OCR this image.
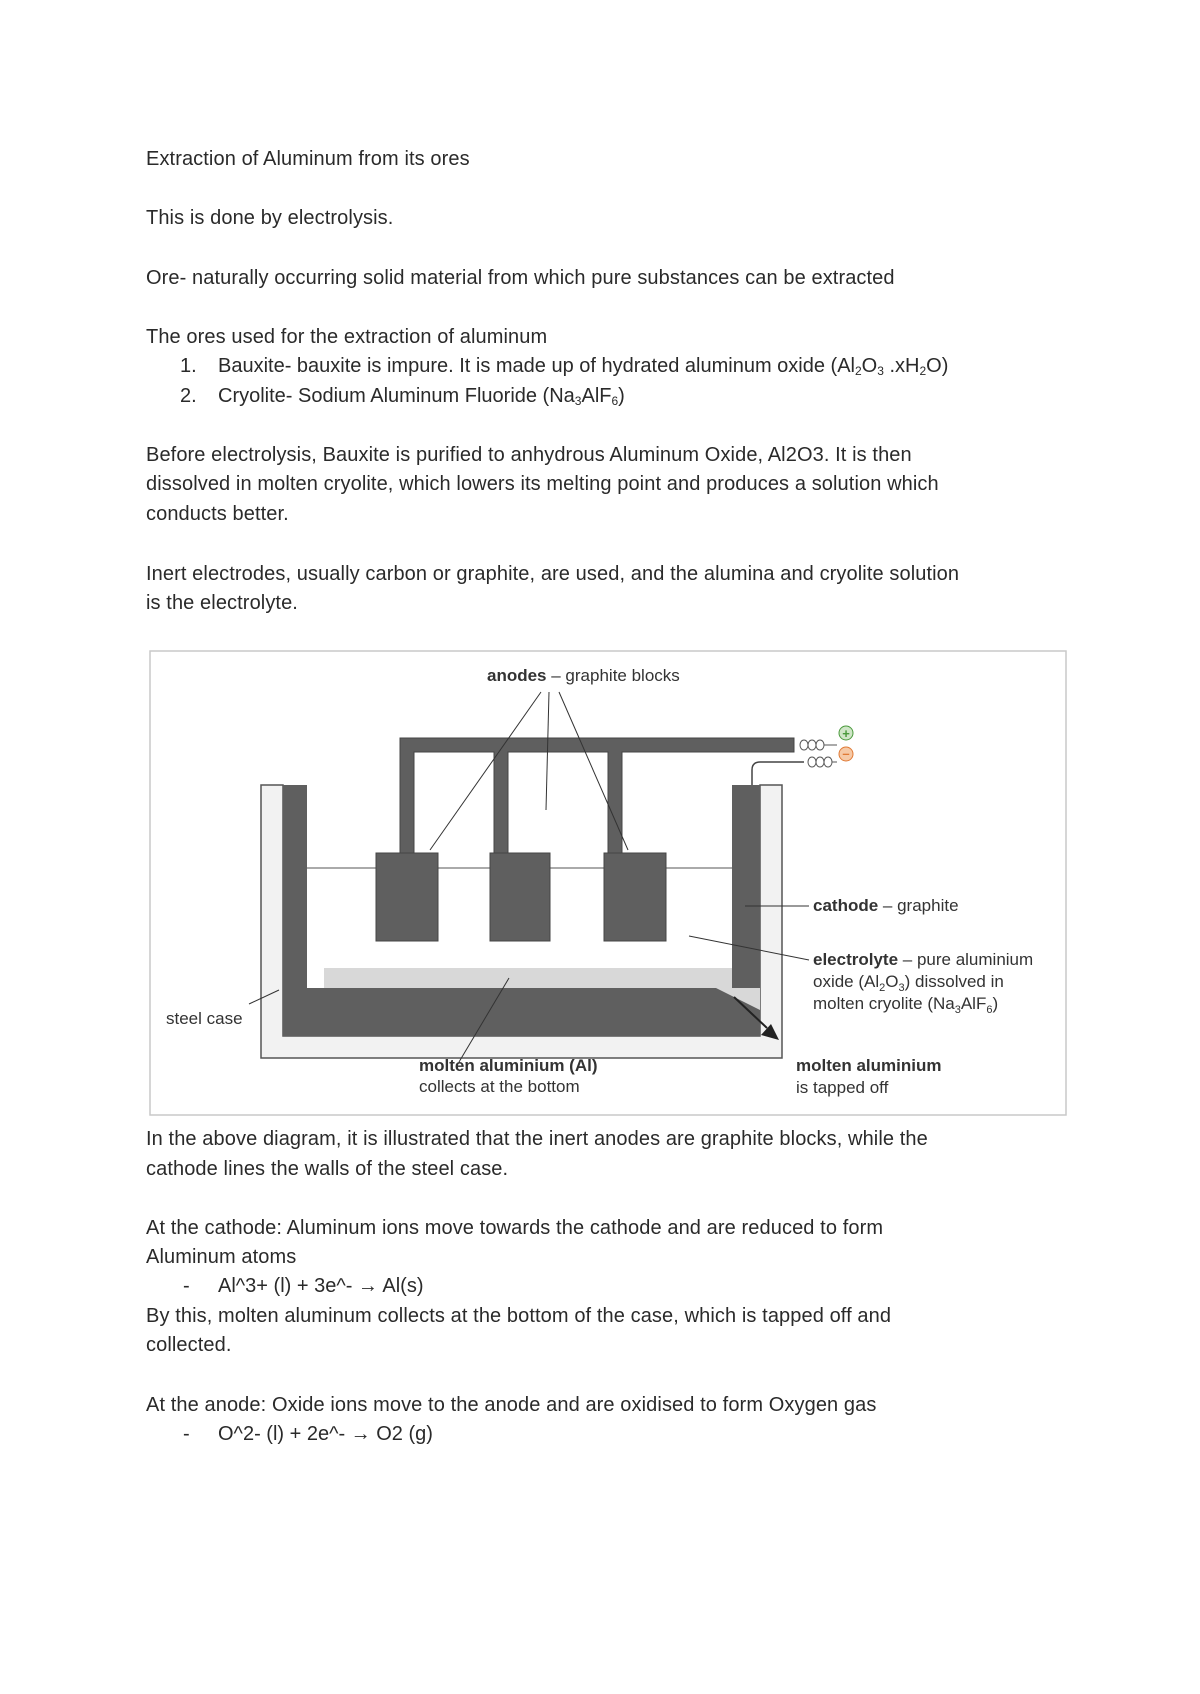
Extraction of Aluminum from its ores
This is done by electrolysis.
Ore- naturally occurring solid material from which pure substances can be extracted
The ores used for the extraction of aluminum
1. Bauxite- bauxite is impure. It is made up of hydrated aluminum oxide (Al2O3 .xH2O)
2. Cryolite- Sodium Aluminum Fluoride (Na3AlF6)
Before electrolysis, Bauxite is purified to anhydrous Aluminum Oxide, Al2O3. It is then
dissolved in molten cryolite, which lowers its melting point and produces a solution which
conducts better.
Inert electrodes, usually carbon or graphite, are used, and the alumina and cryolite solution
is the electrolyte.
+
–
anodes – graphite blocks
cathode – graphite
electrolyte – pure aluminium
oxide $(Al_2O_3)$ dissolved in
molten cryolite $(Na_3AlF_6)$
steel case
molten aluminium (Al)
collects at the bottom
molten aluminium
is tapped off
In the above diagram, it is illustrated that the inert anodes are graphite blocks, while the
cathode lines the walls of the steel case.
At the cathode: Aluminum ions move towards the cathode and are reduced to form
Aluminum atoms
- Al^3+ (l) + 3e^- → Al(s)
By this, molten aluminum collects at the bottom of the case, which is tapped off and
collected.
At the anode: Oxide ions move to the anode and are oxidised to form Oxygen gas
- O^2- (l) + 2e^- → O2 (g)
